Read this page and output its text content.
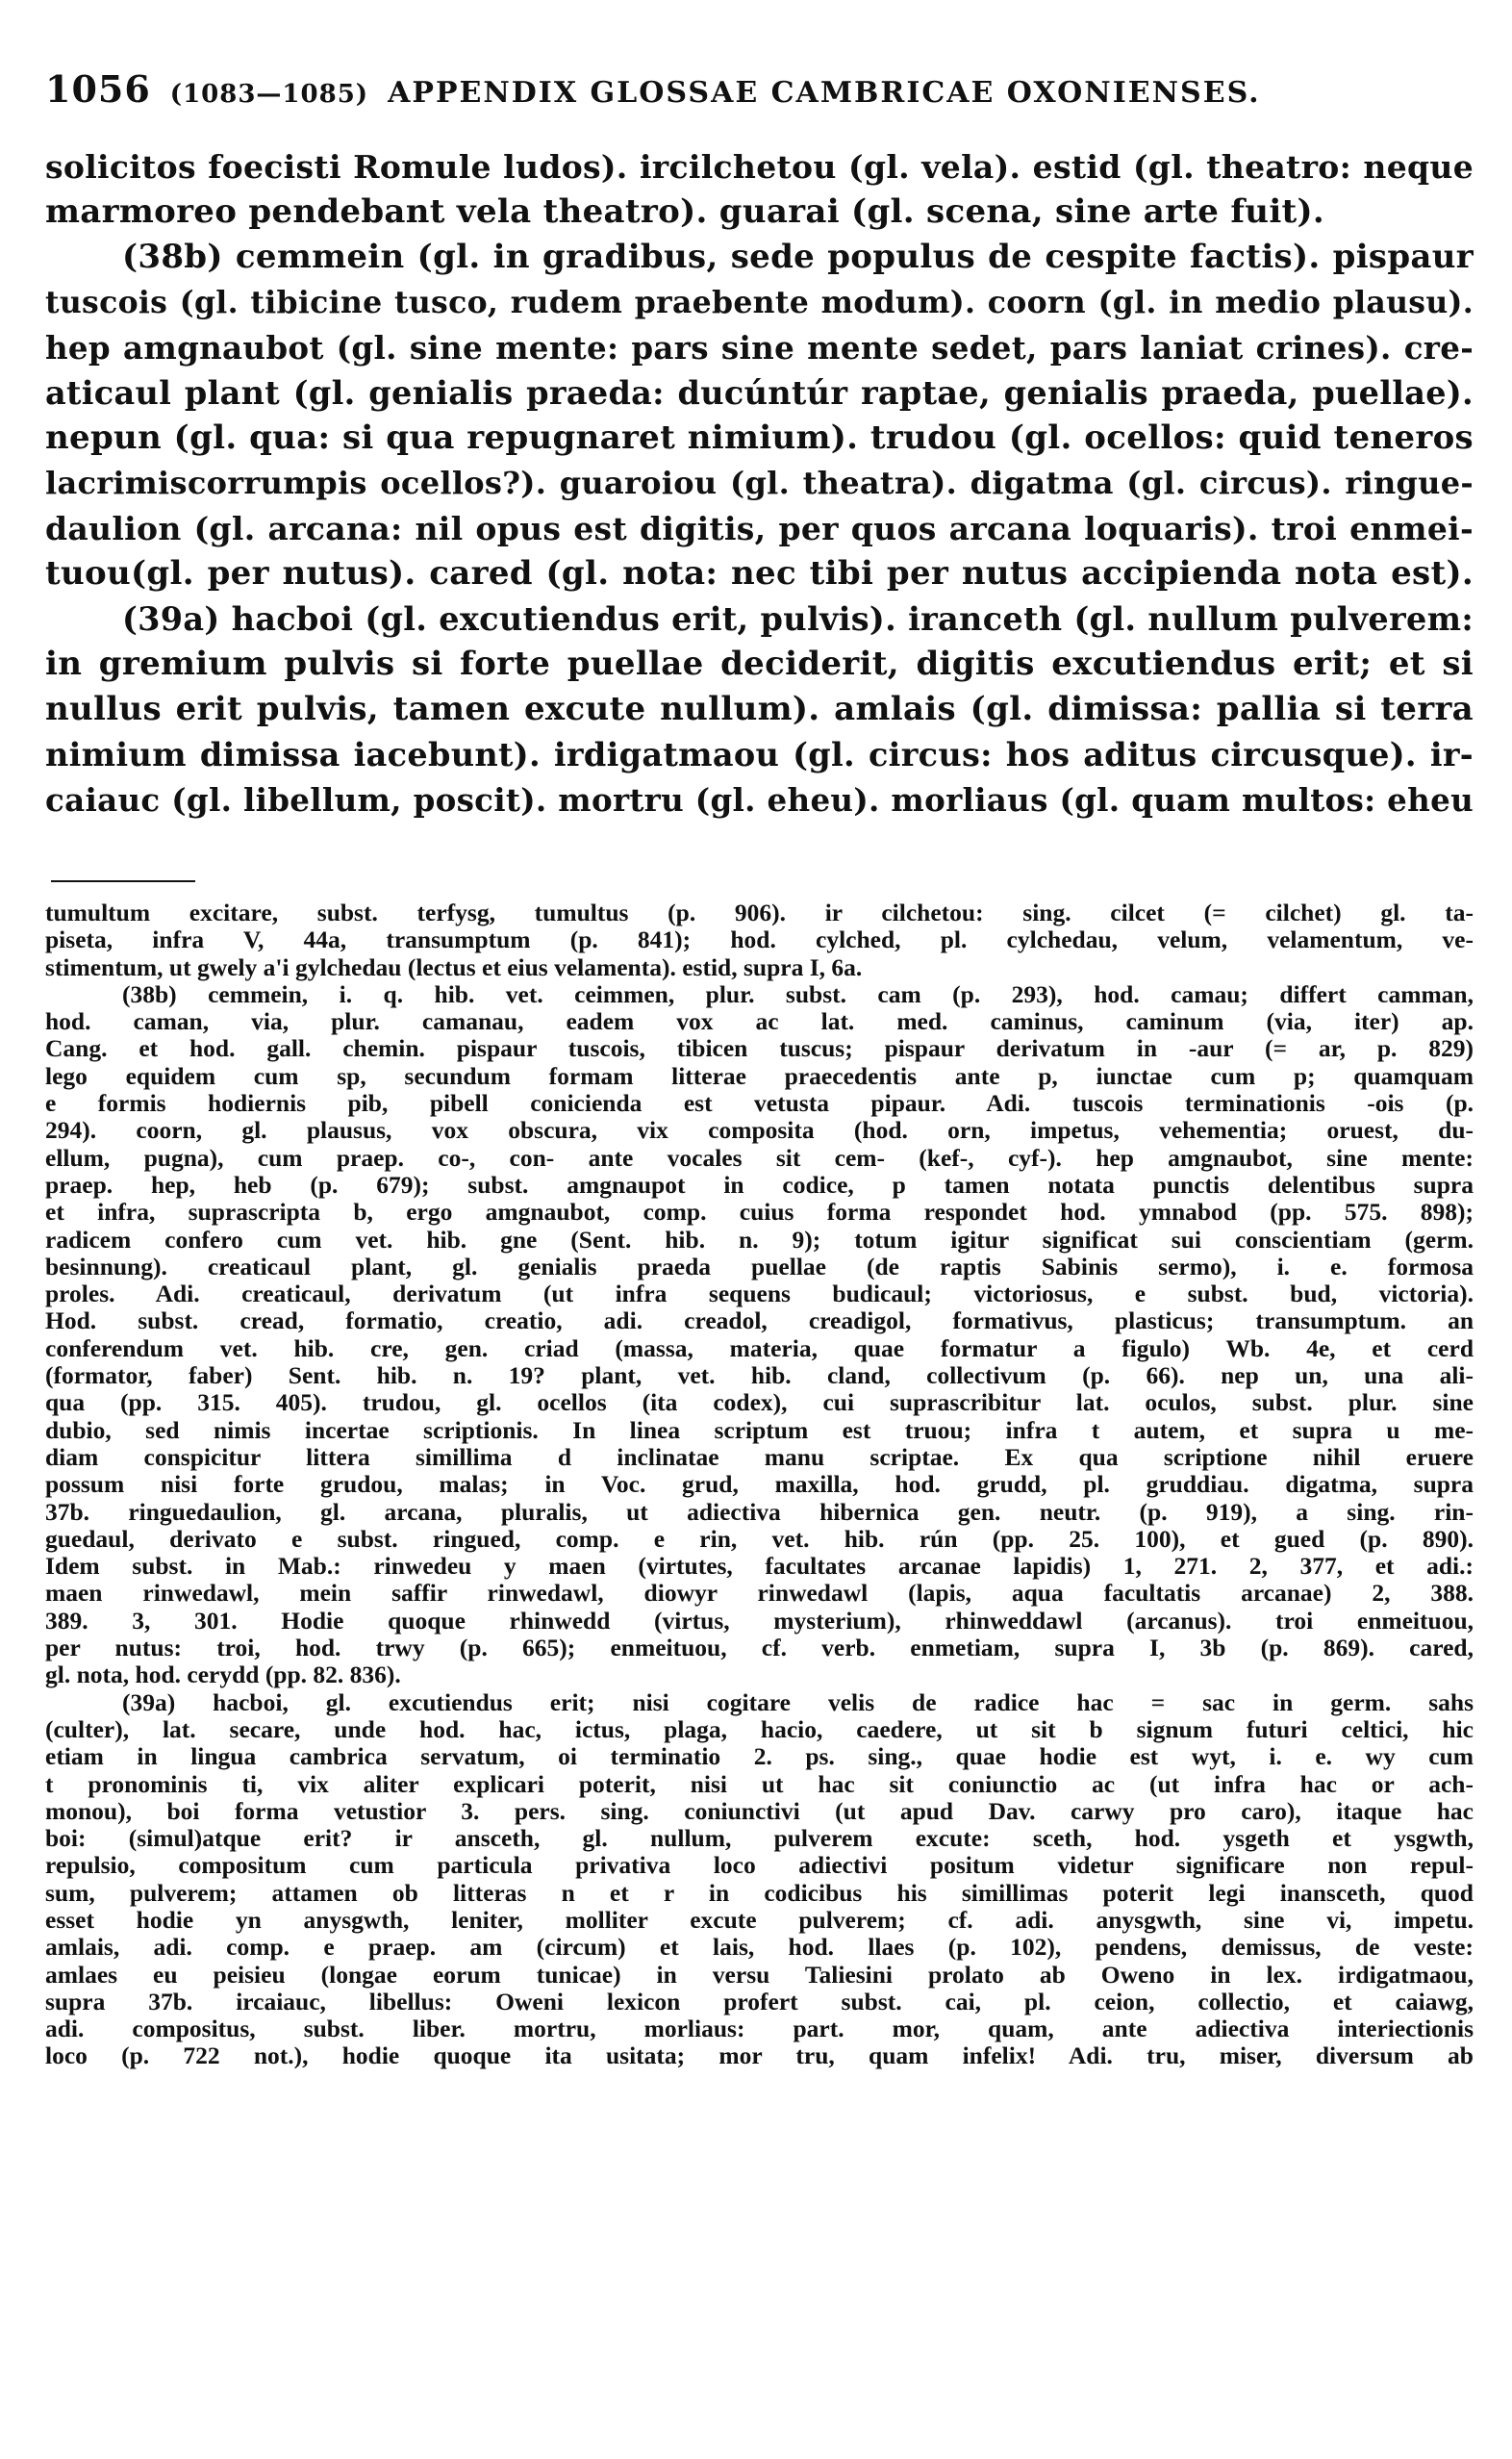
1056 (1083—1085) APPENDIX GLOSSAE CAMBRICAE OXONIENSES.

solicitos foecisti Romule ludos). ircilchetou (gl. vela). estid (gl. theatro: neque

marmoreo pendebant vela theatro). guarai (gl. scena, sine arte fuit).

(38b) cemmein (gl. in gradibus, sede populus de cespite factis). pispaur

tuscois (gl. tibicine tusco, rudem praebente modum). coorn (gl. in medio plausu).

hep amgnaubot (gl. sine mente: pars sine mente sedet, pars laniat crines). cre-

aticaul plant (gl. genialis praeda: ducúntúr raptae, genialis praeda, puellae).

nepun (gl. qua: si qua repugnaret nimium). trudou (gl. ocellos: quid teneros

lacrimiscorrumpis ocellos?). guaroiou (gl. theatra). digatma (gl. circus). ringue-

daulion (gl. arcana: nil opus est digitis, per quos arcana loquaris). troi enmei-

tuou(gl. per nutus). cared (gl. nota: nec tibi per nutus accipienda nota est).

(39a) hacboi (gl. excutiendus erit, pulvis). iranceth (gl. nullum pulverem:

in gremium pulvis si forte puellae deciderit, digitis excutiendus erit; et si

nullus erit pulvis, tamen excute nullum). amlais (gl. dimissa: pallia si terra

nimium dimissa iacebunt). irdigatmaou (gl. circus: hos aditus circusque). ir-

caiauc (gl. libellum, poscit). mortru (gl. eheu). morliaus (gl. quam multos: eheu

tumultum excitare, subst. terfysg, tumultus (p. 906). ir cilchetou: sing. cilcet (= cilchet) gl. ta-

piseta, infra V, 44a, transumptum (p. 841); hod. cylched, pl. cylchedau, velum, velamentum, ve-

stimentum, ut gwely a'i gylchedau (lectus et eius velamenta). estid, supra I, 6a.

(38b) cemmein, i. q. hib. vet. ceimmen, plur. subst. cam (p. 293), hod. camau; differt camman,

hod. caman, via, plur. camanau, eadem vox ac lat. med. caminus, caminum (via, iter) ap.

Cang. et hod. gall. chemin. pispaur tuscois, tibicen tuscus; pispaur derivatum in -aur (= ar, p. 829)

lego equidem cum sp, secundum formam litterae praecedentis ante p, iunctae cum p; quamquam

e formis hodiernis pib, pibell conicienda est vetusta pipaur. Adi. tuscois terminationis -ois (p.

294). coorn, gl. plausus, vox obscura, vix composita (hod. orn, impetus, vehementia; oruest, du-

ellum, pugna), cum praep. co-, con- ante vocales sit cem- (kef-, cyf-). hep amgnaubot, sine mente:

praep. hep, heb (p. 679); subst. amgnaupot in codice, p tamen notata punctis delentibus supra

et infra, suprascripta b, ergo amgnaubot, comp. cuius forma respondet hod. ymnabod (pp. 575. 898);

radicem confero cum vet. hib. gne (Sent. hib. n. 9); totum igitur significat sui conscientiam (germ.

besinnung). creaticaul plant, gl. genialis praeda puellae (de raptis Sabinis sermo), i. e. formosa

proles. Adi. creaticaul, derivatum (ut infra sequens budicaul; victoriosus, e subst. bud, victoria).

Hod. subst. cread, formatio, creatio, adi. creadol, creadigol, formativus, plasticus; transumptum. an

conferendum vet. hib. cre, gen. criad (massa, materia, quae formatur a figulo) Wb. 4e, et cerd

(formator, faber) Sent. hib. n. 19? plant, vet. hib. cland, collectivum (p. 66). nep un, una ali-

qua (pp. 315. 405). trudou, gl. ocellos (ita codex), cui suprascribitur lat. oculos, subst. plur. sine

dubio, sed nimis incertae scriptionis. In linea scriptum est truou; infra t autem, et supra u me-

diam conspicitur littera simillima d inclinatae manu scriptae. Ex qua scriptione nihil eruere

possum nisi forte grudou, malas; in Voc. grud, maxilla, hod. grudd, pl. gruddiau. digatma, supra

37b. ringuedaulion, gl. arcana, pluralis, ut adiectiva hibernica gen. neutr. (p. 919), a sing. rin-

guedaul, derivato e subst. ringued, comp. e rin, vet. hib. rún (pp. 25. 100), et gued (p. 890).

Idem subst. in Mab.: rinwedeu y maen (virtutes, facultates arcanae lapidis) 1, 271. 2, 377, et adi.:

maen rinwedawl, mein saffir rinwedawl, diowyr rinwedawl (lapis, aqua facultatis arcanae) 2, 388.

389. 3, 301. Hodie quoque rhinwedd (virtus, mysterium), rhinweddawl (arcanus). troi enmeituou,

per nutus: troi, hod. trwy (p. 665); enmeituou, cf. verb. enmetiam, supra I, 3b (p. 869). cared,

gl. nota, hod. cerydd (pp. 82. 836).

(39a) hacboi, gl. excutiendus erit; nisi cogitare velis de radice hac = sac in germ. sahs

(culter), lat. secare, unde hod. hac, ictus, plaga, hacio, caedere, ut sit b signum futuri celtici, hic

etiam in lingua cambrica servatum, oi terminatio 2. ps. sing., quae hodie est wyt, i. e. wy cum

t pronominis ti, vix aliter explicari poterit, nisi ut hac sit coniunctio ac (ut infra hac or ach-

monou), boi forma vetustior 3. pers. sing. coniunctivi (ut apud Dav. carwy pro caro), itaque hac

boi: (simul)atque erit? ir ansceth, gl. nullum, pulverem excute: sceth, hod. ysgeth et ysgwth,

repulsio, compositum cum particula privativa loco adiectivi positum videtur significare non repul-

sum, pulverem; attamen ob litteras n et r in codicibus his simillimas poterit legi inansceth, quod

esset hodie yn anysgwth, leniter, molliter excute pulverem; cf. adi. anysgwth, sine vi, impetu.

amlais, adi. comp. e praep. am (circum) et lais, hod. llaes (p. 102), pendens, demissus, de veste:

amlaes eu peisieu (longae eorum tunicae) in versu Taliesini prolato ab Oweno in lex. irdigatmaou,

supra 37b. ircaiauc, libellus: Oweni lexicon profert subst. cai, pl. ceion, collectio, et caiawg,

adi. compositus, subst. liber. mortru, morliaus: part. mor, quam, ante adiectiva interiectionis

loco (p. 722 not.), hodie quoque ita usitata; mor tru, quam infelix! Adi. tru, miser, diversum ab
